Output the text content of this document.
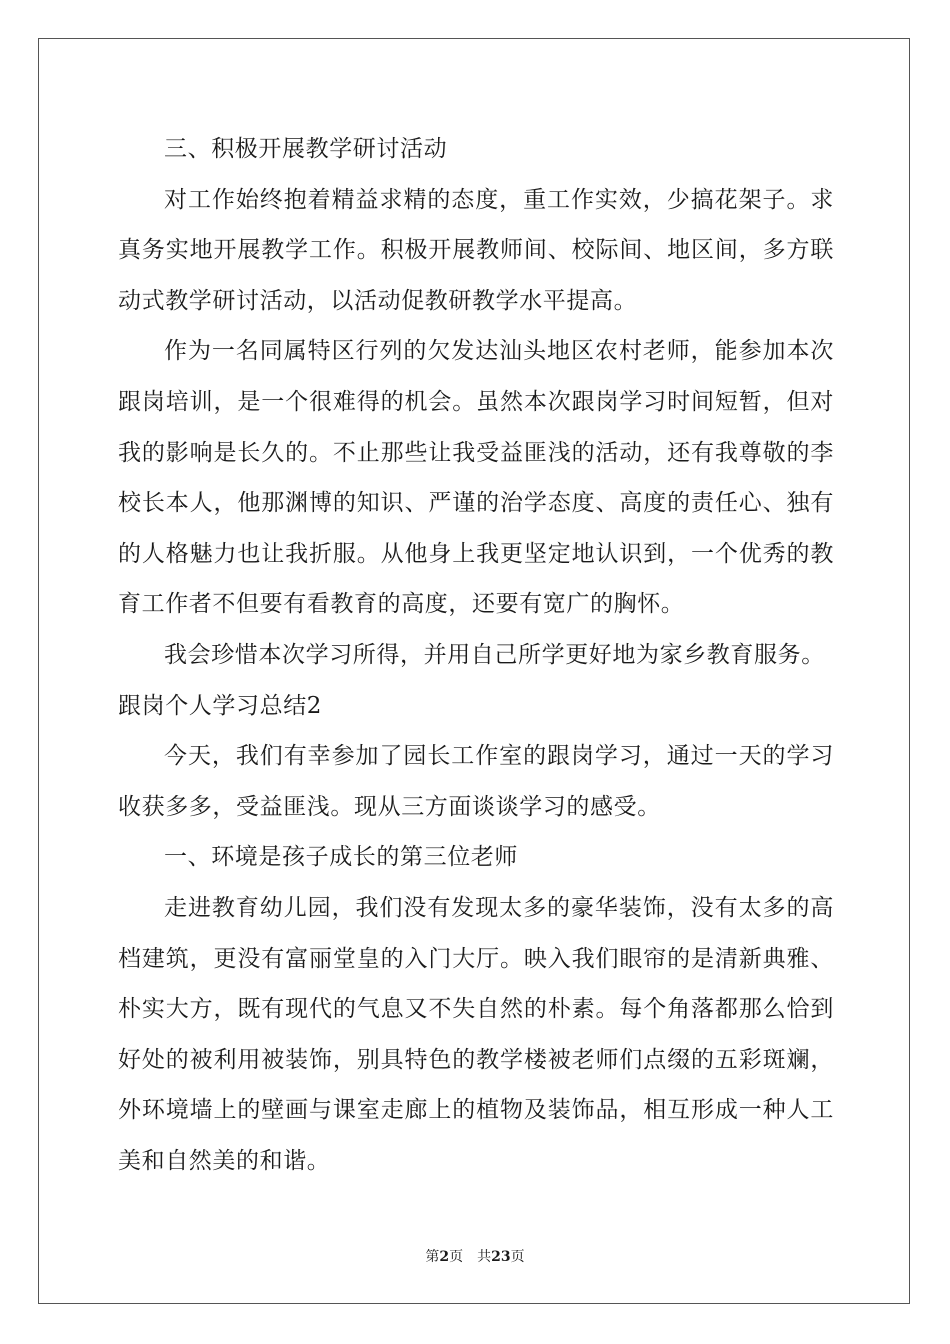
三、积极开展教学研讨活动

对工作始终抱着精益求精的态度，重工作实效，少搞花架子。求真务实地开展教学工作。积极开展教师间、校际间、地区间，多方联动式教学研讨活动，以活动促教研教学水平提高。

作为一名同属特区行列的欠发达汕头地区农村老师，能参加本次跟岗培训，是一个很难得的机会。虽然本次跟岗学习时间短暂，但对我的影响是长久的。不止那些让我受益匪浅的活动，还有我尊敬的李校长本人，他那渊博的知识、严谨的治学态度、高度的责任心、独有的人格魅力也让我折服。从他身上我更坚定地认识到，一个优秀的教育工作者不但要有看教育的高度，还要有宽广的胸怀。

我会珍惜本次学习所得，并用自己所学更好地为家乡教育服务。

跟岗个人学习总结2

今天，我们有幸参加了园长工作室的跟岗学习，通过一天的学习收获多多，受益匪浅。现从三方面谈谈学习的感受。

一、环境是孩子成长的第三位老师

走进教育幼儿园，我们没有发现太多的豪华装饰，没有太多的高档建筑，更没有富丽堂皇的入门大厅。映入我们眼帘的是清新典雅、朴实大方，既有现代的气息又不失自然的朴素。每个角落都那么恰到好处的被利用被装饰，别具特色的教学楼被老师们点缀的五彩斑斓，外环境墙上的壁画与课室走廊上的植物及装饰品，相互形成一种人工美和自然美的和谐。

第2页 共23页
